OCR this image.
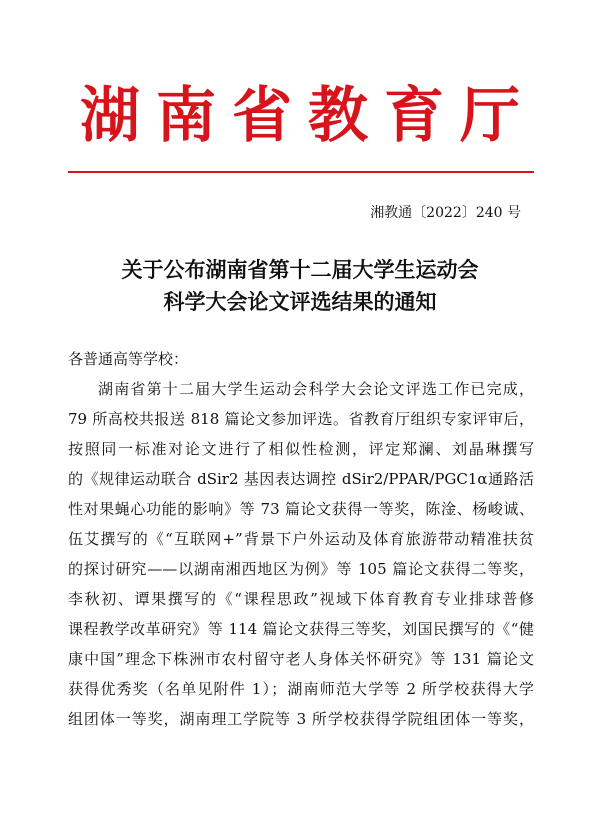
湖南省教育厅
湘教通〔2022〕240 号
关于公布湖南省第十二届大学生运动会
科学大会论文评选结果的通知
各普通高等学校：
湖南省第十二届大学生运动会科学大会论文评选工作已完成，
79 所高校共报送 818 篇论文参加评选。省教育厅组织专家评审后，
按照同一标准对论文进行了相似性检测，评定郑澜、刘晶琳撰写
的《规律运动联合 dSir2 基因表达调控 dSir2/PPAR/PGC1α通路活
性对果蝇心功能的影响》等 73 篇论文获得一等奖，陈淦、杨峻诚、
伍艾撰写的《“互联网+”背景下户外运动及体育旅游带动精准扶贫
的探讨研究——以湖南湘西地区为例》等 105 篇论文获得二等奖，
李秋初、谭果撰写的《“课程思政”视域下体育教育专业排球普修
课程教学改革研究》等 114 篇论文获得三等奖，刘国民撰写的《“健
康中国”理念下株洲市农村留守老人身体关怀研究》等 131 篇论文
获得优秀奖（名单见附件 1）；湖南师范大学等 2 所学校获得大学
组团体一等奖，湖南理工学院等 3 所学校获得学院组团体一等奖，
